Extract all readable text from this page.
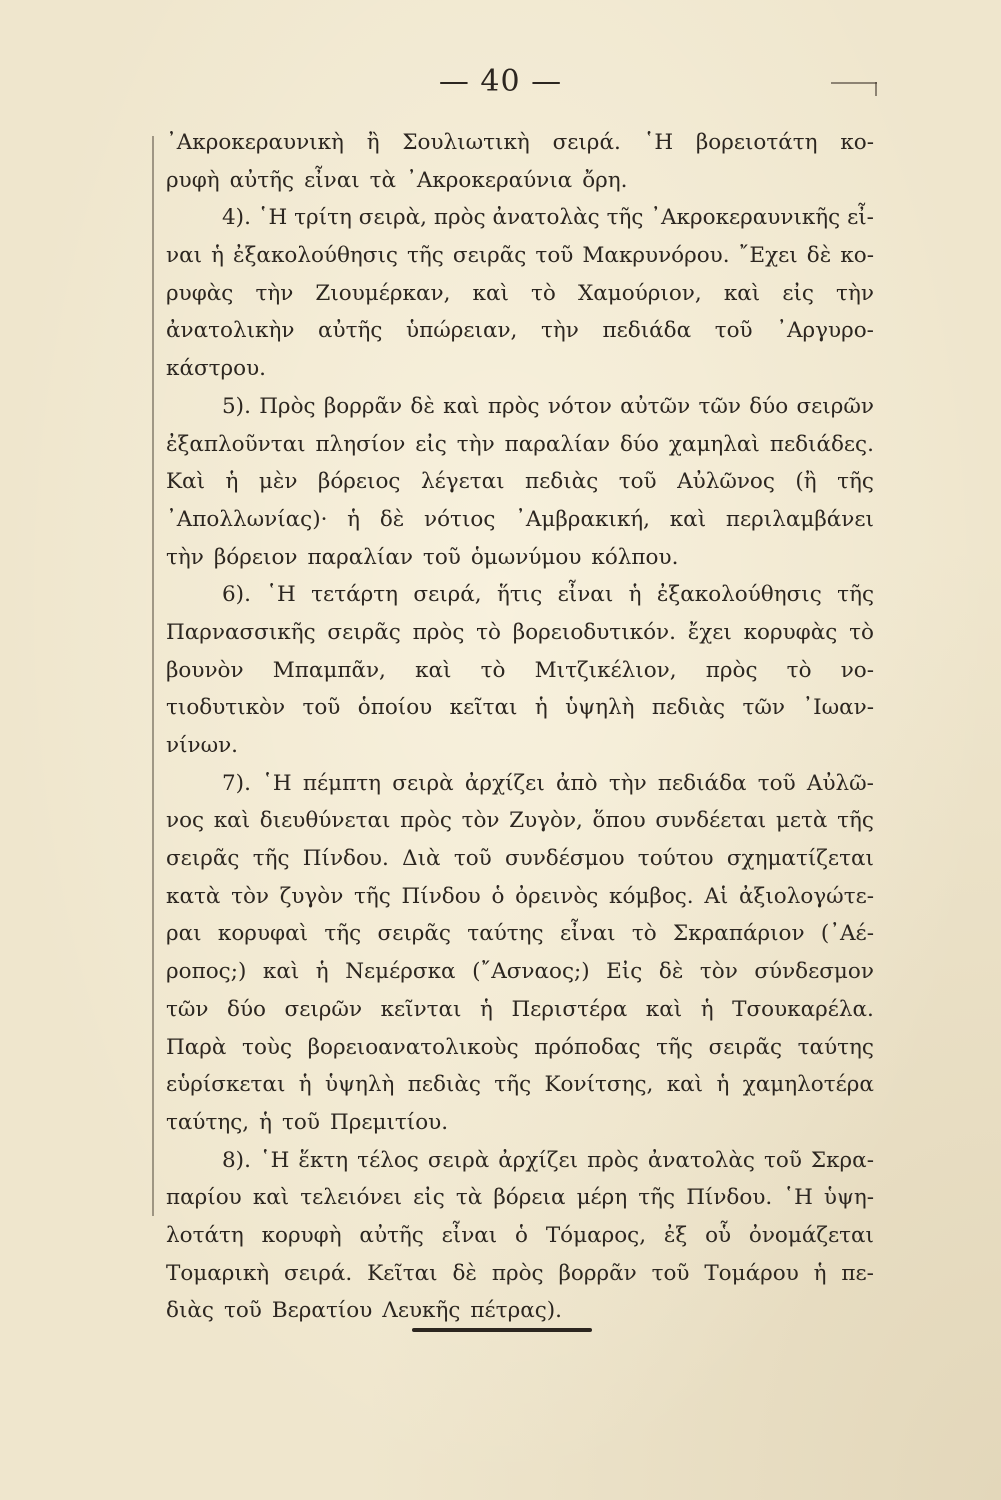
— 40 —
᾿Ακροκεραυνικὴ ἢ Σουλιωτικὴ σειρά. ῾Η βορειοτάτη κο-
ρυφὴ αὐτῆς εἶναι τὰ ᾿Ακροκεραύνια ὄρη.
4). ῾Η τρίτη σειρὰ, πρὸς ἀνατολὰς τῆς ᾿Ακροκεραυνικῆς εἶ-
ναι ἡ ἐξακολούθησις τῆς σειρᾶς τοῦ Μακρυνόρου. ῎Εχει δὲ κο-
ρυφὰς τὴν Ζιουμέρκαν, καὶ τὸ Χαμούριον, καὶ εἰς τὴν
ἀνατολικὴν αὐτῆς ὑπώρειαν, τὴν πεδιάδα τοῦ ᾿Αργυρο-
κάστρου.
5). Πρὸς βορρᾶν δὲ καὶ πρὸς νότον αὐτῶν τῶν δύο σειρῶν
ἐξαπλοῦνται πλησίον εἰς τὴν παραλίαν δύο χαμηλαὶ πεδιάδες.
Καὶ ἡ μὲν βόρειος λέγεται πεδιὰς τοῦ Αὐλῶνος (ἢ τῆς
᾿Απολλωνίας)· ἡ δὲ νότιος ᾿Αμβρακική, καὶ περιλαμβάνει
τὴν βόρειον παραλίαν τοῦ ὁμωνύμου κόλπου.
6). ῾Η τετάρτη σειρά, ἥτις εἶναι ἡ ἐξακολούθησις τῆς
Παρνασσικῆς σειρᾶς πρὸς τὸ βορειοδυτικόν. ἔχει κορυφὰς τὸ
βουνὸν Μπαμπᾶν, καὶ τὸ Μιτζικέλιον, πρὸς τὸ νο-
τιοδυτικὸν τοῦ ὁποίου κεῖται ἡ ὑψηλὴ πεδιὰς τῶν ᾿Ιωαν-
νίνων.
7). ῾Η πέμπτη σειρὰ ἀρχίζει ἀπὸ τὴν πεδιάδα τοῦ Αὐλῶ-
νος καὶ διευθύνεται πρὸς τὸν Ζυγὸν, ὅπου συνδέεται μετὰ τῆς
σειρᾶς τῆς Πίνδου. Διὰ τοῦ συνδέσμου τούτου σχηματίζεται
κατὰ τὸν ζυγὸν τῆς Πίνδου ὁ ὀρεινὸς κόμβος. Αἱ ἀξιολογώτε-
ραι κορυφαὶ τῆς σειρᾶς ταύτης εἶναι τὸ Σκραπάριον (᾿Αέ-
ροπος;) καὶ ἡ Νεμέρσκα (῎Ασναος;) Εἰς δὲ τὸν σύνδεσμον
τῶν δύο σειρῶν κεῖνται ἡ Περιστέρα καὶ ἡ Τσουκαρέλα.
Παρὰ τοὺς βορειοανατολικοὺς πρόποδας τῆς σειρᾶς ταύτης
εὑρίσκεται ἡ ὑψηλὴ πεδιὰς τῆς Κονίτσης, καὶ ἡ χαμηλοτέρα
ταύτης, ἡ τοῦ Πρεμιτίου.
8). ῾Η ἕκτη τέλος σειρὰ ἀρχίζει πρὸς ἀνατολὰς τοῦ Σκρα-
παρίου καὶ τελειόνει εἰς τὰ βόρεια μέρη τῆς Πίνδου. ῾Η ὑψη-
λοτάτη κορυφὴ αὐτῆς εἶναι ὁ Τόμαρος, ἐξ οὗ ὀνομάζεται
Τομαρικὴ σειρά. Κεῖται δὲ πρὸς βορρᾶν τοῦ Τομάρου ἡ πε-
διὰς τοῦ Βερατίου Λευκῆς πέτρας).
